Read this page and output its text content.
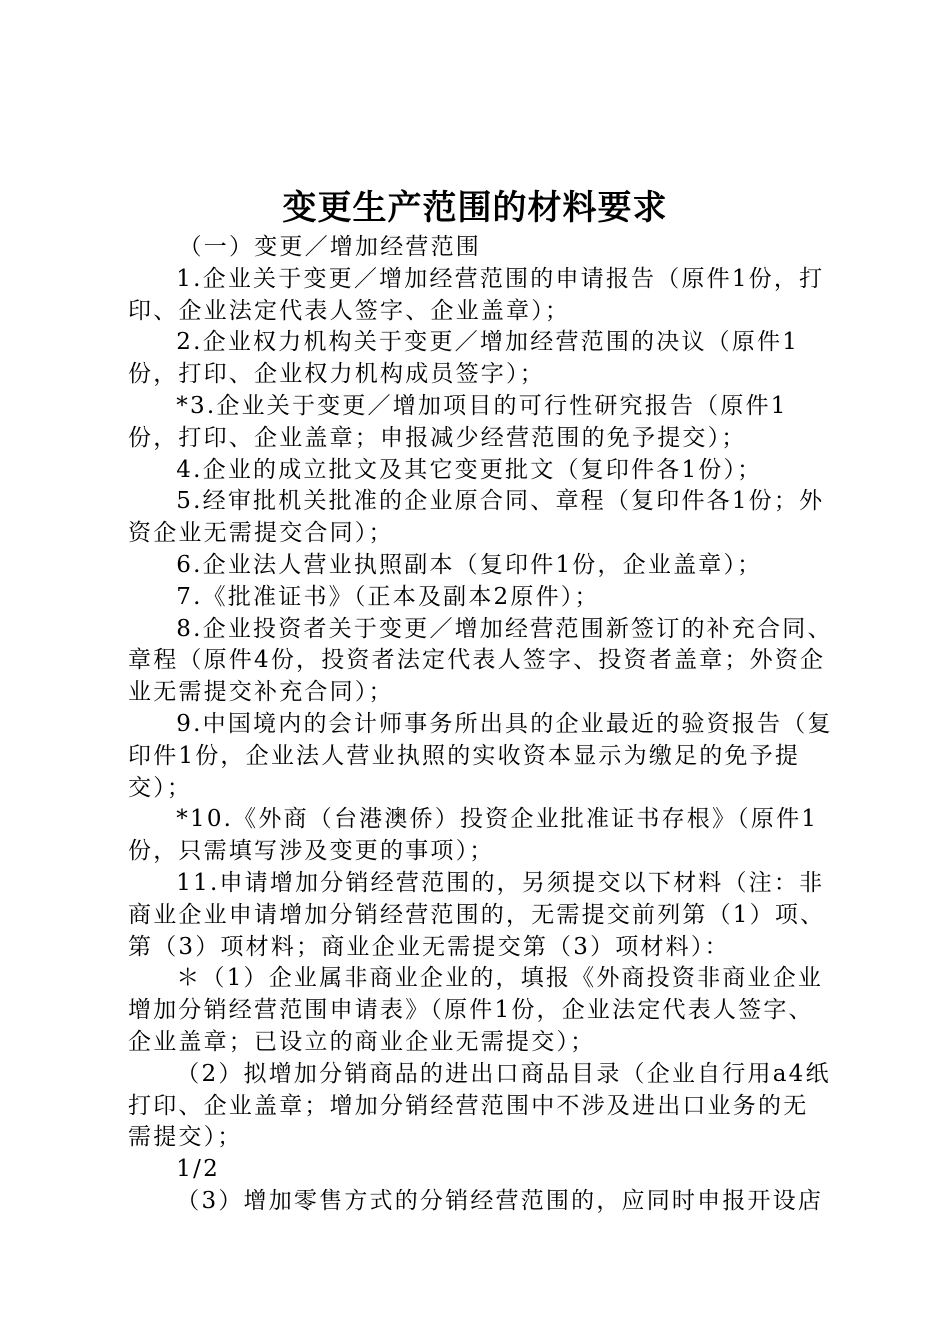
变更生产范围的材料要求

（一）变更／增加经营范围

1.企业关于变更／增加经营范围的申请报告（原件1份，打印、企业法定代表人签字、企业盖章）；

2.企业权力机构关于变更／增加经营范围的决议（原件1份，打印、企业权力机构成员签字）；

*3.企业关于变更／增加项目的可行性研究报告（原件1份，打印、企业盖章；申报减少经营范围的免予提交）；

4.企业的成立批文及其它变更批文（复印件各1份）；

5.经审批机关批准的企业原合同、章程（复印件各1份；外资企业无需提交合同）；

6.企业法人营业执照副本（复印件1份，企业盖章）；

7.《批准证书》（正本及副本2原件）；

8.企业投资者关于变更／增加经营范围新签订的补充合同、章程（原件4份，投资者法定代表人签字、投资者盖章；外资企业无需提交补充合同）；

9.中国境内的会计师事务所出具的企业最近的验资报告（复印件1份，企业法人营业执照的实收资本显示为缴足的免予提交）；

*10.《外商（台港澳侨）投资企业批准证书存根》（原件1份，只需填写涉及变更的事项）；

11.申请增加分销经营范围的，另须提交以下材料（注：非商业企业申请增加分销经营范围的，无需提交前列第（1）项、第（3）项材料；商业企业无需提交第（3）项材料）：

＊（1）企业属非商业企业的，填报《外商投资非商业企业增加分销经营范围申请表》（原件1份，企业法定代表人签字、企业盖章；已设立的商业企业无需提交）；

（2）拟增加分销商品的进出口商品目录（企业自行用a4纸打印、企业盖章；增加分销经营范围中不涉及进出口业务的无需提交）；

1/2

（3）增加零售方式的分销经营范围的，应同时申报开设店
